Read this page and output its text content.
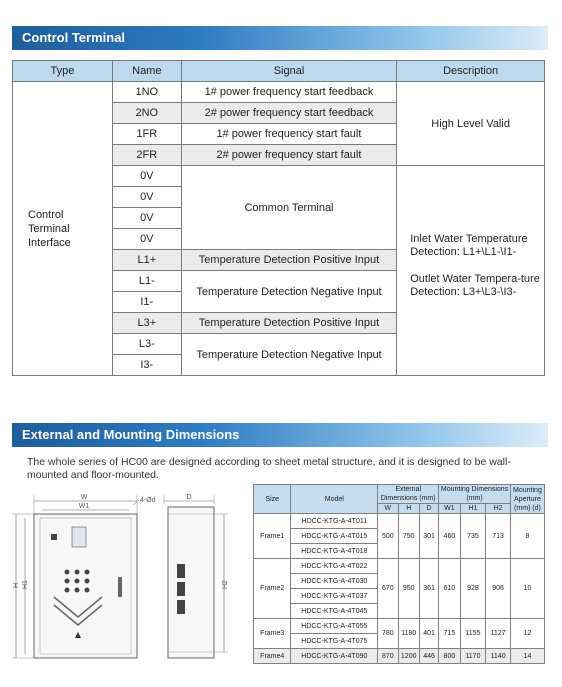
Control Terminal
Type	Name	Signal	Description
Control Terminal Interface	1NO	1# power frequency start feedback	High Level Valid
	2NO	2# power frequency start feedback	
	1FR	1# power frequency start fault	
	2FR	2# power frequency start fault	
	0V	Common Terminal	Inlet Water Temperature Detection: L1+\L1-\I1-
Outlet Water Tempera-ture Detection: L3+\L3-\I3-

	0V		
	0V		
	0V		
	L1+	Temperature Detection Positive Input	
	L1-	Temperature Detection Negative Input	
	I1-		
	L3+	Temperature Detection Positive Input	
	L3-	Temperature Detection Negative Input	
	I3-		
External and Mounting Dimensions
The whole series of HC00 are designed according to sheet metal structure, and it is designed to be wall-mounted and floor-mounted.
W
W1
4-Ød
H H1
D
H2
Size	Model	External Dimensions (mm)			Mounting Dimensions (mm)			Mounting Aperture (mm) (d)
		W	H	D	W1	H1	H2	
Frame1	HDCC-KTG-A-4T011	500	750	301	460	735	713	8
	HDCC-KTG-A-4T015							
	HDCC-KTG-A-4T018							
Frame2	HDCC-KTG-A-4T022	670	950	361	610	928	906	10
	HDCC-KTG-A-4T030							
	HDCC-KTG-A-4T037							
	HDCC-KTG-A-4T045							
Frame3	HDCC-KTG-A-4T055	780	1180	401	715	1155	1127	12
	HDCC-KTG-A-4T075							
Frame4	HDCC-KTG-A-4T090	870	1200	446	800	1170	1140	14
